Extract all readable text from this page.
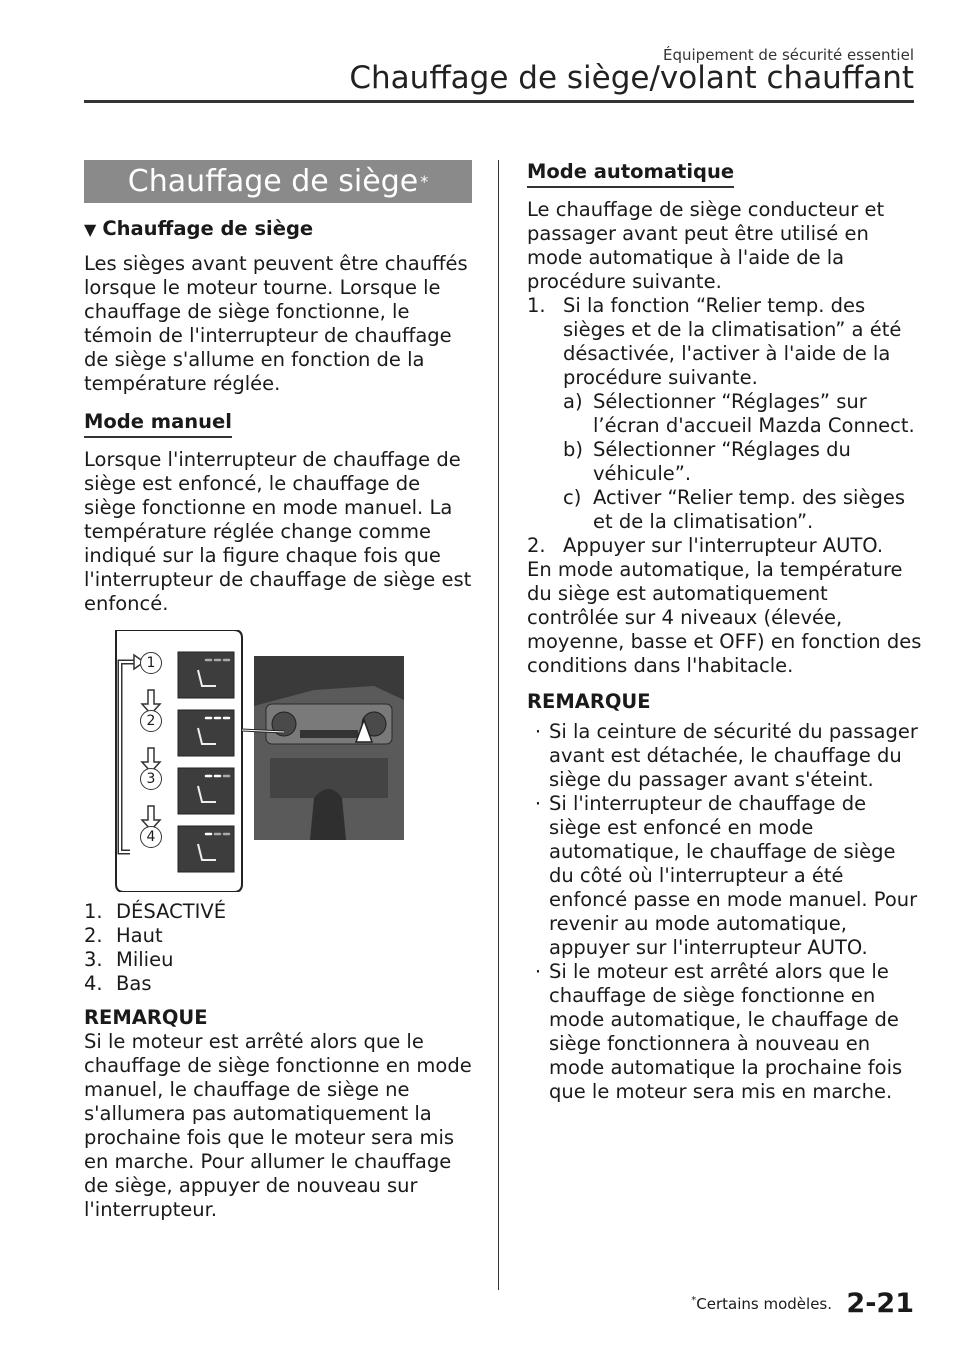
Équipement de sécurité essentiel
Chauffage de siège/volant chauffant
Chauffage de siège *
▼ Chauffage de siège

Les sièges avant peuvent être chauffés lorsque le moteur tourne. Lorsque le chauffage de siège fonctionne, le témoin de l'interrupteur de chauffage de siège s'allume en fonction de la température réglée.

Mode manuel

Lorsque l'interrupteur de chauffage de siège est enfoncé, le chauffage de siège fonctionne en mode manuel. La température réglée change comme indiqué sur la figure chaque fois que l'interrupteur de chauffage de siège est enfoncé.

1
2
3
4
1. DÉSACTIVÉ
2. Haut
3. Milieu
4. Bas
REMARQUE
Si le moteur est arrêté alors que le chauffage de siège fonctionne en mode manuel, le chauffage de siège ne s'allumera pas automatiquement la prochaine fois que le moteur sera mis en marche. Pour allumer le chauffage de siège, appuyer de nouveau sur l'interrupteur.
Mode automatique

Le chauffage de siège conducteur et passager avant peut être utilisé en mode automatique à l'aide de la procédure suivante.

1. Si la fonction “Relier temp. des sièges et de la climatisation” a été désactivée, l'activer à l'aide de la procédure suivante.
a) Sélectionner “Réglages” sur l’écran d'accueil Mazda Connect.
b) Sélectionner “Réglages du véhicule”.
c) Activer “Relier temp. des sièges et de la climatisation”.
2. Appuyer sur l'interrupteur AUTO.
En mode automatique, la température du siège est automatiquement contrôlée sur 4 niveaux (élevée, moyenne, basse et OFF) en fonction des conditions dans l'habitacle.
REMARQUE
· Si la ceinture de sécurité du passager avant est détachée, le chauffage du siège du passager avant s'éteint.
· Si l'interrupteur de chauffage de siège est enfoncé en mode automatique, le chauffage de siège du côté où l'interrupteur a été enfoncé passe en mode manuel. Pour revenir au mode automatique, appuyer sur l'interrupteur AUTO.
· Si le moteur est arrêté alors que le chauffage de siège fonctionne en mode automatique, le chauffage de siège fonctionnera à nouveau en mode automatique la prochaine fois que le moteur sera mis en marche.
*Certains modèles. 2-21
